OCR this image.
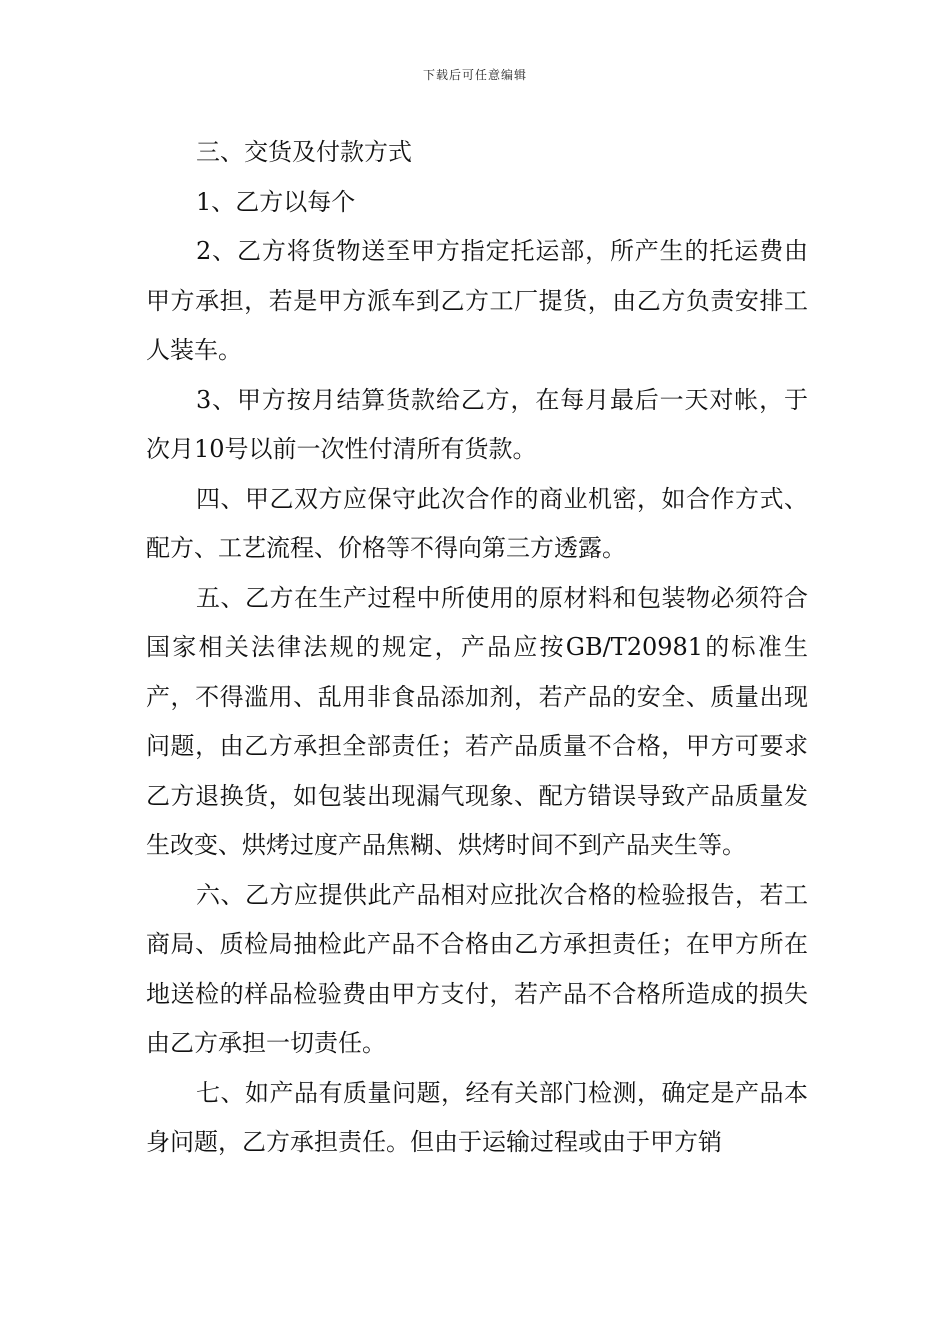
下载后可任意编辑

三、交货及付款方式

1、乙方以每个

2、乙方将货物送至甲方指定托运部，所产生的托运费由甲方承担，若是甲方派车到乙方工厂提货，由乙方负责安排工人装车。

3、甲方按月结算货款给乙方，在每月最后一天对帐，于次月10号以前一次性付清所有货款。

四、甲乙双方应保守此次合作的商业机密，如合作方式、配方、工艺流程、价格等不得向第三方透露。

五、乙方在生产过程中所使用的原材料和包装物必须符合国家相关法律法规的规定，产品应按GB/T20981的标准生产，不得滥用、乱用非食品添加剂，若产品的安全、质量出现问题，由乙方承担全部责任；若产品质量不合格，甲方可要求乙方退换货，如包装出现漏气现象、配方错误导致产品质量发生改变、烘烤过度产品焦糊、烘烤时间不到产品夹生等。

六、乙方应提供此产品相对应批次合格的检验报告，若工商局、质检局抽检此产品不合格由乙方承担责任；在甲方所在地送检的样品检验费由甲方支付，若产品不合格所造成的损失由乙方承担一切责任。

七、如产品有质量问题，经有关部门检测，确定是产品本身问题，乙方承担责任。但由于运输过程或由于甲方销
